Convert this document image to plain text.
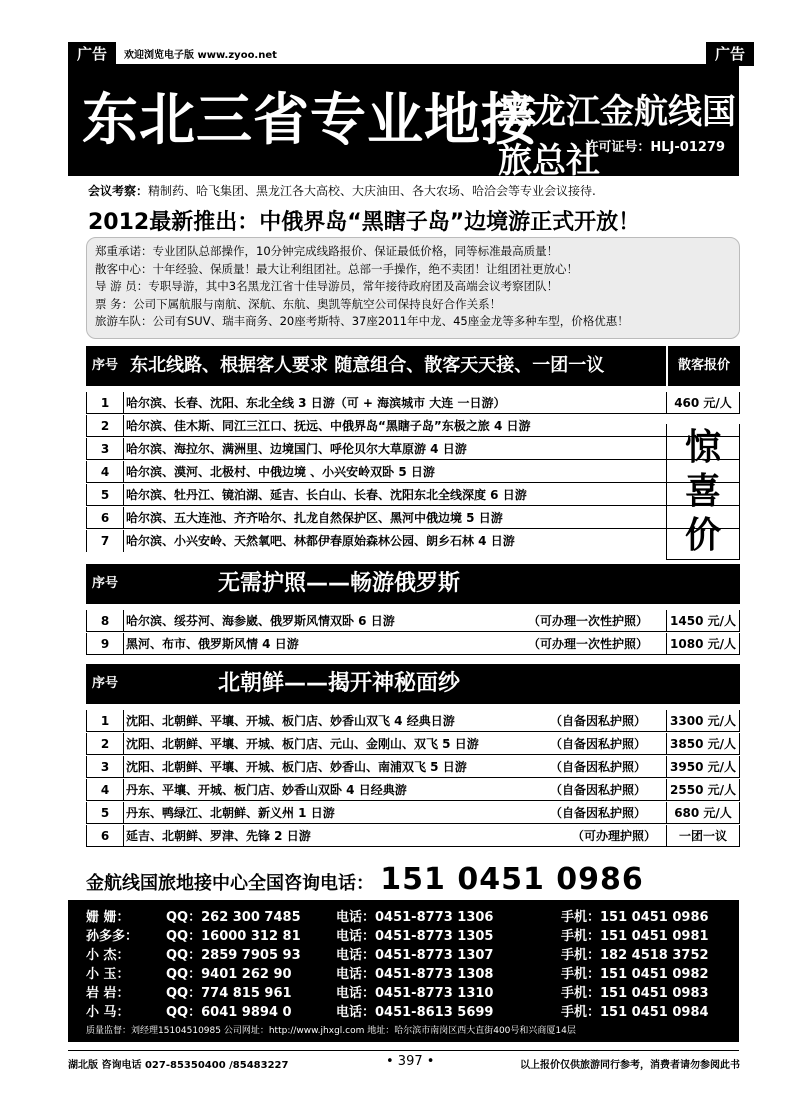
广告	欢迎浏览电子版 www.zyoo.net	广告
东北三省专业地接
黑龙江金航线国旅总社
许可证号：HLJ-01279
会议考察：精制药、哈飞集团、黑龙江各大高校、大庆油田、各大农场、哈洽会等专业会议接待.
2012最新推出：中俄界岛“黑瞎子岛”边境游正式开放！
郑重承诺：专业团队总部操作，10分钟完成线路报价、保证最低价格，同等标准最高质量！
散客中心：十年经验、保质量！最大让利组团社。总部一手操作，绝不卖团！让组团社更放心！
导 游 员：专职导游，其中3名黑龙江省十佳导游员，常年接待政府团及高端会议考察团队！
票 务：公司下属航服与南航、深航、东航、奥凯等航空公司保持良好合作关系！
旅游车队：公司有SUV、瑞丰商务、20座考斯特、37座2011年中龙、45座金龙等多种车型，价格优惠！
序号 东北线路、根据客人要求 随意组合、散客天天接、一团一议	散客报价
1	哈尔滨、长春、沈阳、东北全线 3 日游（可 + 海滨城市 大连 一日游）	460 元/人
2	哈尔滨、佳木斯、同江三江口、抚远、中俄界岛“黑瞎子岛”东极之旅 4 日游
3	哈尔滨、海拉尔、满洲里、边境国门、呼伦贝尔大草原游 4 日游
4	哈尔滨、漠河、北极村、中俄边境 、小兴安岭双卧 5 日游
5	哈尔滨、牡丹江、镜泊湖、延吉、长白山、长春、沈阳东北全线深度 6 日游
6	哈尔滨、五大连池、齐齐哈尔、扎龙自然保护区、黑河中俄边境 5 日游
7	哈尔滨、小兴安岭、天然氧吧、林都伊春原始森林公园、朗乡石林 4 日游
惊
喜
价
序号	无需护照——畅游俄罗斯
8	哈尔滨、绥芬河、海参崴、俄罗斯风情双卧 6 日游	（可办理一次性护照）	1450 元/人
9	黑河、布市、俄罗斯风情 4 日游	（可办理一次性护照）	1080 元/人
序号	北朝鲜——揭开神秘面纱
1	沈阳、北朝鲜、平壤、开城、板门店、妙香山双飞 4 经典日游	（自备因私护照）	3300 元/人
2	沈阳、北朝鲜、平壤、开城、板门店、元山、金刚山、双飞 5 日游	（自备因私护照）	3850 元/人
3	沈阳、北朝鲜、平壤、开城、板门店、妙香山、南浦双飞 5 日游	（自备因私护照）	3950 元/人
4	丹东、平壤、开城、板门店、妙香山双卧 4 日经典游	（自备因私护照）	2550 元/人
5	丹东、鸭绿江、北朝鲜、新义州 1 日游	（自备因私护照）	680 元/人
6	延吉、北朝鲜、罗津、先锋 2 日游	（可办理护照）	一团一议
金航线国旅地接中心全国咨询电话： 151 0451 0986
姗 姗：	QQ：262 300 7485	电话：0451-8773 1306	手机：151 0451 0986
孙多多：	QQ：16000 312 81	电话：0451-8773 1305	手机：151 0451 0981
小 杰：	QQ：2859 7905 93	电话：0451-8773 1307	手机：182 4518 3752
小 玉：	QQ：9401 262 90	电话：0451-8773 1308	手机：151 0451 0982
岩 岩：	QQ：774 815 961	电话：0451-8773 1310	手机：151 0451 0983
小 马：	QQ：6041 9894 0	电话：0451-8613 5699	手机：151 0451 0984
质量监督：刘经理15104510985 公司网址：http://www.jhxgl.com 地址：哈尔滨市南岗区西大直街400号和兴商厦14层
湖北版 咨询电话 027-85350400 /85483227	• 397 •	以上报价仅供旅游同行参考，消费者请勿参阅此书
